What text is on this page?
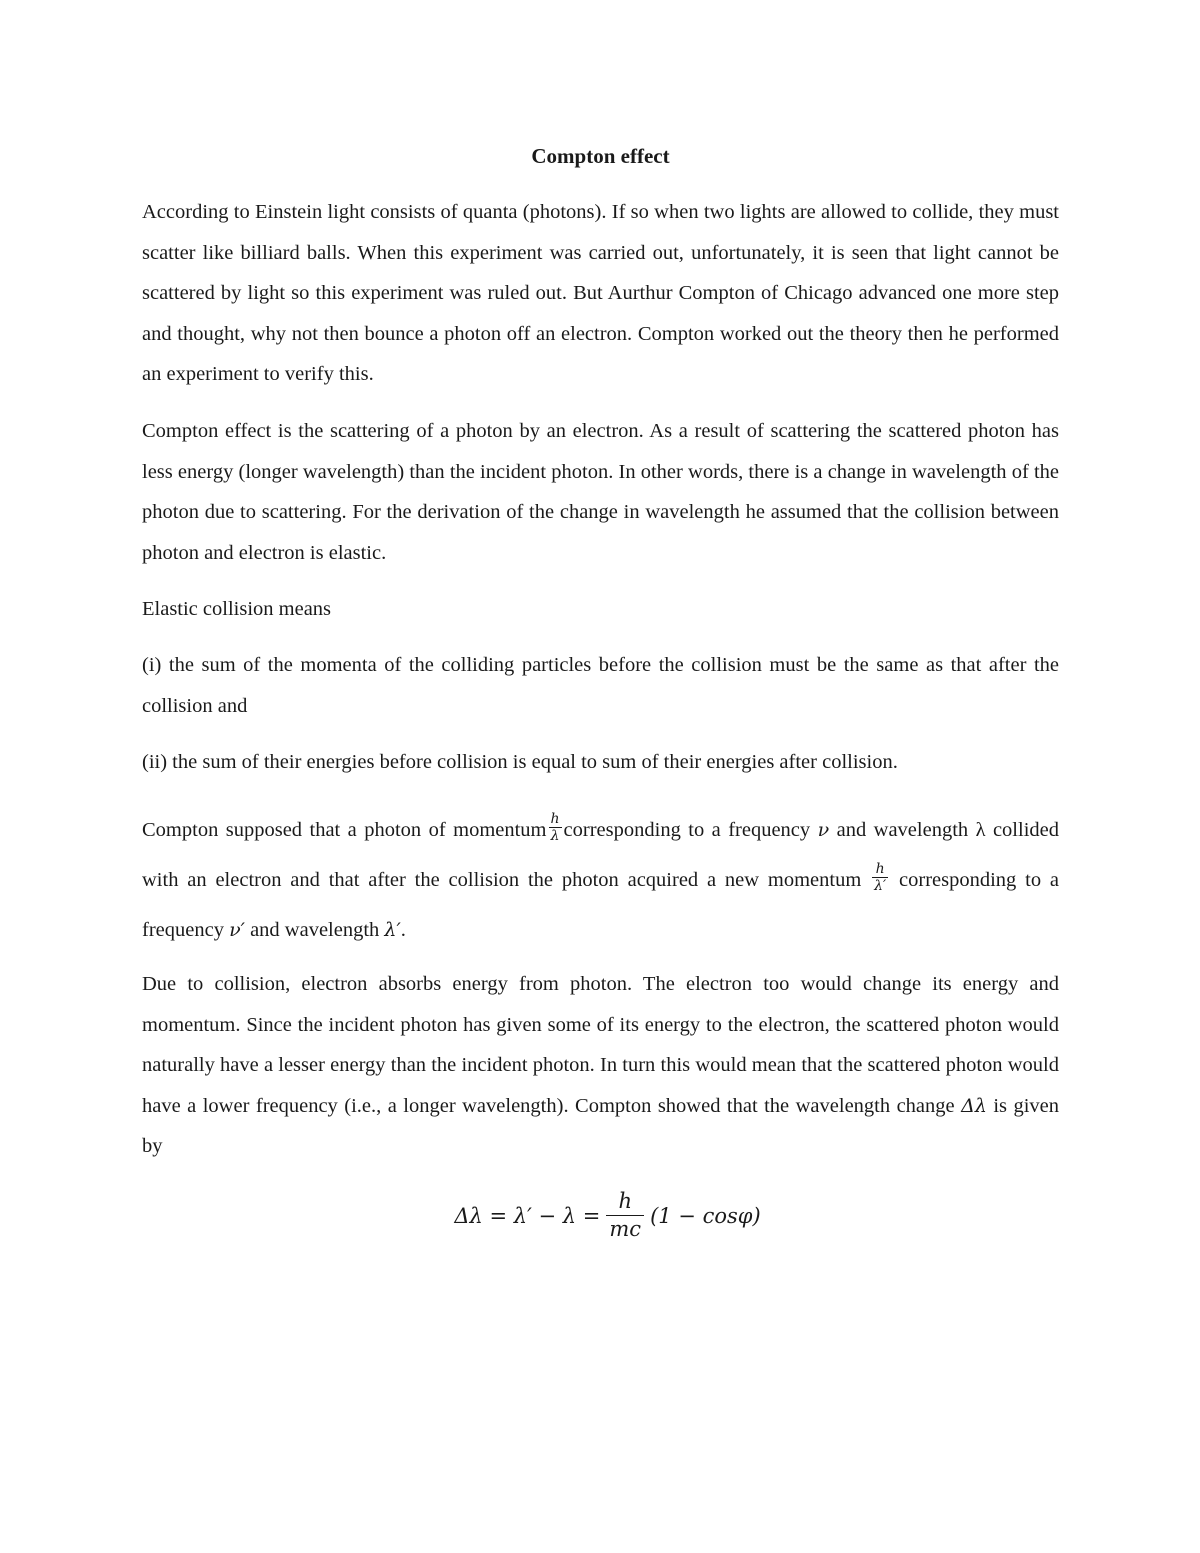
Compton effect

According to Einstein light consists of quanta (photons). If so when two lights are allowed to collide, they must scatter like billiard balls. When this experiment was carried out, unfortunately, it is seen that light cannot be scattered by light so this experiment was ruled out. But Aurthur Compton of Chicago advanced one more step and thought, why not then bounce a photon off an electron. Compton worked out the theory then he performed an experiment to verify this.

Compton effect is the scattering of a photon by an electron. As a result of scattering the scattered photon has less energy (longer wavelength) than the incident photon. In other words, there is a change in wavelength of the photon due to scattering. For the derivation of the change in wavelength he assumed that the collision between photon and electron is elastic.

Elastic collision means

(i) the sum of the momenta of the colliding particles before the collision must be the same as that after the collision and

(ii) the sum of their energies before collision is equal to sum of their energies after collision.

Compton supposed that a photon of momentum $\frac{h}{\lambda}$ corresponding to a frequency ν and wavelength λ collided with an electron and that after the collision the photon acquired a new momentum $\frac{h}{\lambda'}$ corresponding to a frequency ν′ and wavelength λ′.

Due to collision, electron absorbs energy from photon. The electron too would change its energy and momentum. Since the incident photon has given some of its energy to the electron, the scattered photon would naturally have a lesser energy than the incident photon. In turn this would mean that the scattered photon would have a lower frequency (i.e., a longer wavelength). Compton showed that the wavelength change Δλ is given by

$\Delta\lambda = \lambda' - \lambda = \frac{h}{mc} (1 - \cos\varphi)$
